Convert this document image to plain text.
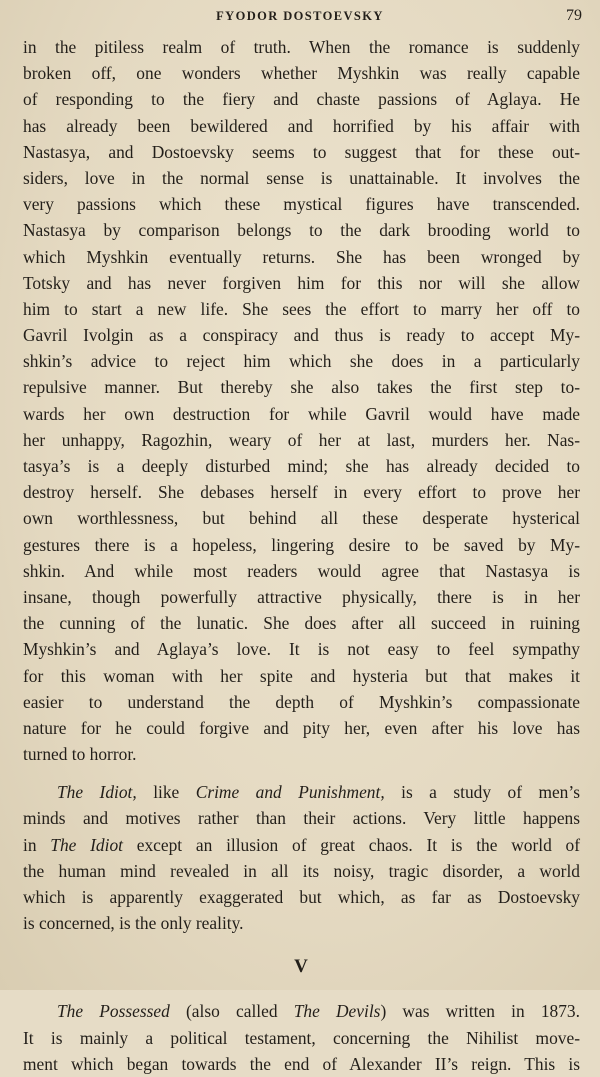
FYODOR DOSTOEVSKY	79
in the pitiless realm of truth. When the romance is suddenly
broken off, one wonders whether Myshkin was really capable
of responding to the fiery and chaste passions of Aglaya. He
has already been bewildered and horrified by his affair with
Nastasya, and Dostoevsky seems to suggest that for these out-
siders, love in the normal sense is unattainable. It involves the
very passions which these mystical figures have transcended.
Nastasya by comparison belongs to the dark brooding world to
which Myshkin eventually returns. She has been wronged by
Totsky and has never forgiven him for this nor will she allow
him to start a new life. She sees the effort to marry her off to
Gavril Ivolgin as a conspiracy and thus is ready to accept My-
shkin’s advice to reject him which she does in a particularly
repulsive manner. But thereby she also takes the first step to-
wards her own destruction for while Gavril would have made
her unhappy, Ragozhin, weary of her at last, murders her. Nas-
tasya’s is a deeply disturbed mind; she has already decided to
destroy herself. She debases herself in every effort to prove her
own worthlessness, but behind all these desperate hysterical
gestures there is a hopeless, lingering desire to be saved by My-
shkin. And while most readers would agree that Nastasya is
insane, though powerfully attractive physically, there is in her
the cunning of the lunatic. She does after all succeed in ruining
Myshkin’s and Aglaya’s love. It is not easy to feel sympathy
for this woman with her spite and hysteria but that makes it
easier to understand the depth of Myshkin’s compassionate
nature for he could forgive and pity her, even after his love has
turned to horror.
The Idiot, like Crime and Punishment, is a study of men’s
minds and motives rather than their actions. Very little happens
in The Idiot except an illusion of great chaos. It is the world of
the human mind revealed in all its noisy, tragic disorder, a world
which is apparently exaggerated but which, as far as Dostoevsky
is concerned, is the only reality.
V
The Possessed (also called The Devils) was written in 1873.
It is mainly a political testament, concerning the Nihilist move-
ment which began towards the end of Alexander II’s reign. This is
